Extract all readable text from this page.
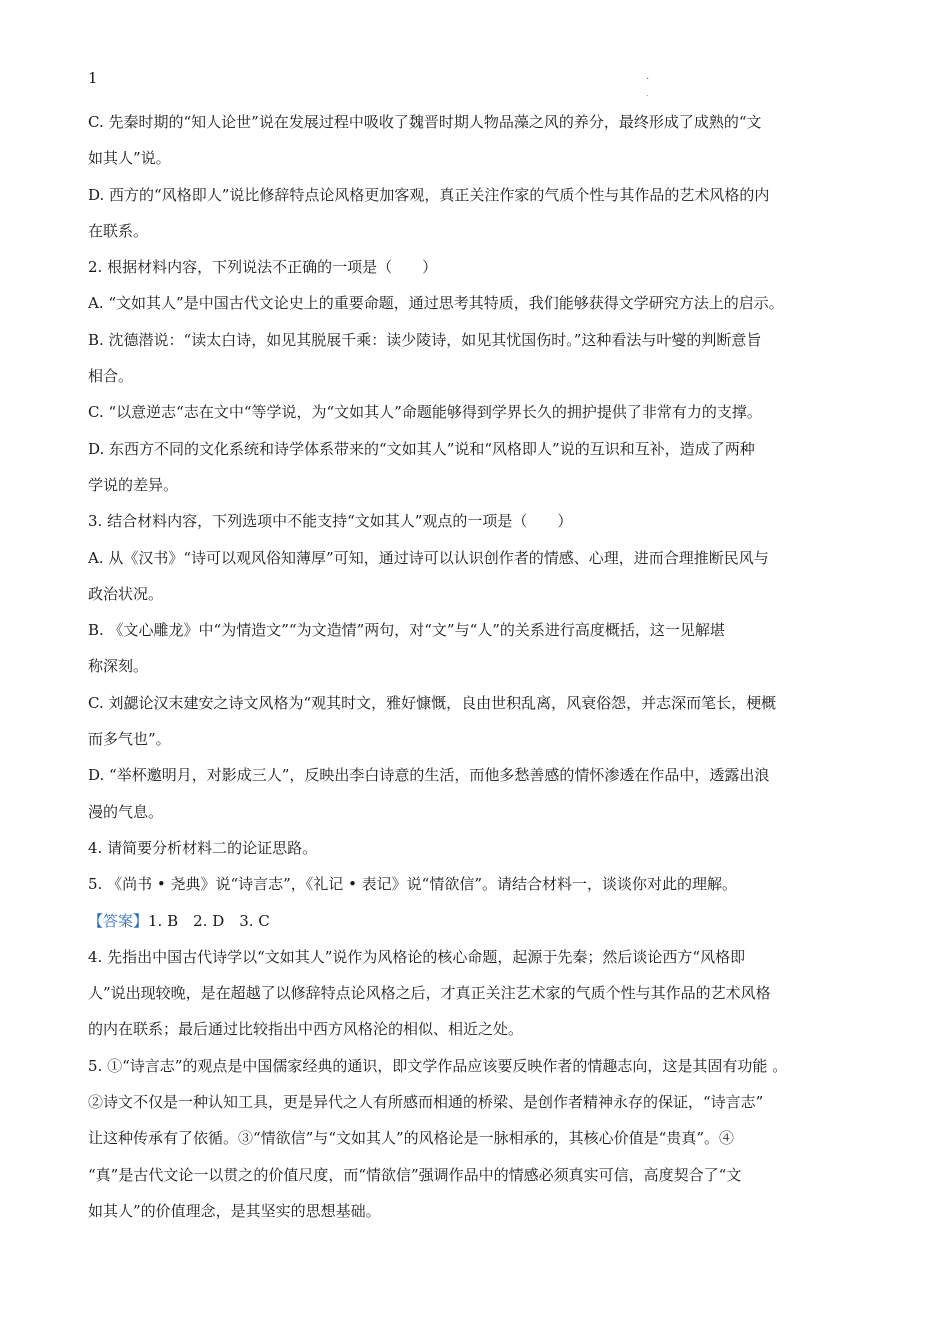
1	.
.
C. 先秦时期的“知人论世”说在发展过程中吸收了魏晋时期人物品藻之风的养分，最终形成了成熟的“文
如其人”说。
D. 西方的“风格即人”说比修辞特点论风格更加客观，真正关注作家的气质个性与其作品的艺术风格的内
在联系。
2. 根据材料内容，下列说法不正确的一项是（　　）
A. “文如其人”是中国古代文论史上的重要命题，通过思考其特质，我们能够获得文学研究方法上的启示。
B. 沈德潜说：“读太白诗，如见其脱展千乘：读少陵诗，如见其忧国伤时。”这种看法与叶燮的判断意旨
相合。
C. “以意逆志“志在文中“等学说，为“文如其人”命题能够得到学界长久的拥护提供了非常有力的支撑。
D. 东西方不同的文化系统和诗学体系带来的“文如其人”说和“风格即人”说的互识和互补，造成了两种
学说的差异。
3. 结合材料内容，下列选项中不能支持“文如其人”观点的一项是（　　）
A. 从《汉书》“诗可以观风俗知薄厚”可知，通过诗可以认识创作者的情感、心理，进而合理推断民风与
政治状况。
B. 《文心雕龙》中“为情造文”“为文造情”两句，对“文”与“人”的关系进行高度概括，这一见解堪
称深刻。
C. 刘勰论汉末建安之诗文风格为“观其时文，雅好慷慨，良由世积乱离，风衰俗怨，并志深而笔长，梗概
而多气也”。
D. “举杯邀明月，对影成三人”，反映出李白诗意的生活，而他多愁善感的情怀渗透在作品中，透露出浪
漫的气息。
4. 请简要分析材料二的论证思路。
5. 《尚书 • 尧典》说“诗言志”，《礼记 • 表记》说“情欲信”。请结合材料一，谈谈你对此的理解。
【答案】1. B　2. D　3. C
4. 先指出中国古代诗学以“文如其人”说作为风格论的核心命题，起源于先秦；然后谈论西方“风格即
人”说出现较晚，是在超越了以修辞特点论风格之后，才真正关注艺术家的气质个性与其作品的艺术风格
的内在联系；最后通过比较指出中西方风格沦的相似、相近之处。
5. ①“诗言志”的观点是中国儒家经典的通识，即文学作品应该要反映作者的情趣志向，这是其固有功能 。
②诗文不仅是一种认知工具，更是异代之人有所感而相通的桥梁、是创作者精神永存的保证，“诗言志”
让这种传承有了依循。③“情欲信”与“文如其人”的风格论是一脉相承的，其核心价值是“贵真”。④
“真”是古代文论一以贯之的价值尺度，而“情欲信”强调作品中的情感必须真实可信，高度契合了“文
如其人”的价值理念，是其坚实的思想基础。
